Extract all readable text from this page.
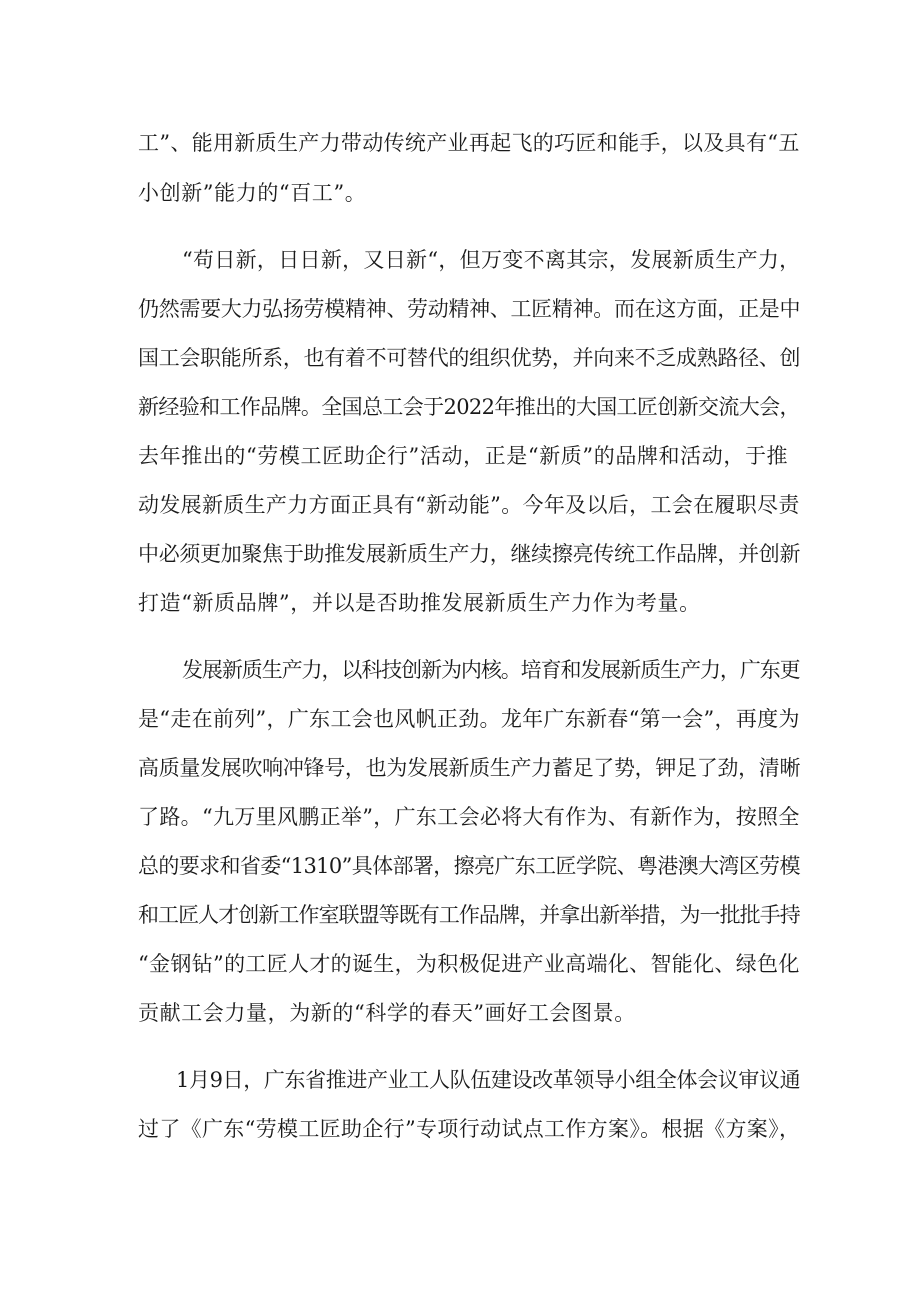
工”、能用新质生产力带动传统产业再起飞的巧匠和能手，以及具有“五
小创新”能力的“百工”。
“苟日新，日日新，又日新“，但万变不离其宗，发展新质生产力，
仍然需要大力弘扬劳模精神、劳动精神、工匠精神。而在这方面，正是中
国工会职能所系，也有着不可替代的组织优势，并向来不乏成熟路径、创
新经验和工作品牌。全国总工会于2022年推出的大国工匠创新交流大会，
去年推出的“劳模工匠助企行”活动，正是“新质”的品牌和活动，于推
动发展新质生产力方面正具有“新动能”。今年及以后，工会在履职尽责
中必须更加聚焦于助推发展新质生产力，继续擦亮传统工作品牌，并创新
打造“新质品牌”，并以是否助推发展新质生产力作为考量。
发展新质生产力，以科技创新为内核。培育和发展新质生产力，广东更
是“走在前列”，广东工会也风帆正劲。龙年广东新春“第一会”，再度为
高质量发展吹响冲锋号，也为发展新质生产力蓄足了势，钾足了劲，清晰
了路。“九万里风鹏正举”，广东工会必将大有作为、有新作为，按照全
总的要求和省委“1310”具体部署，擦亮广东工匠学院、粤港澳大湾区劳模
和工匠人才创新工作室联盟等既有工作品牌，并拿出新举措，为一批批手持
“金钢钻”的工匠人才的诞生，为积极促进产业高端化、智能化、绿色化
贡献工会力量，为新的“科学的春天”画好工会图景。
1月9日，广东省推进产业工人队伍建设改革领导小组全体会议审议通
过了《广东“劳模工匠助企行”专项行动试点工作方案》。根据《方案》，
